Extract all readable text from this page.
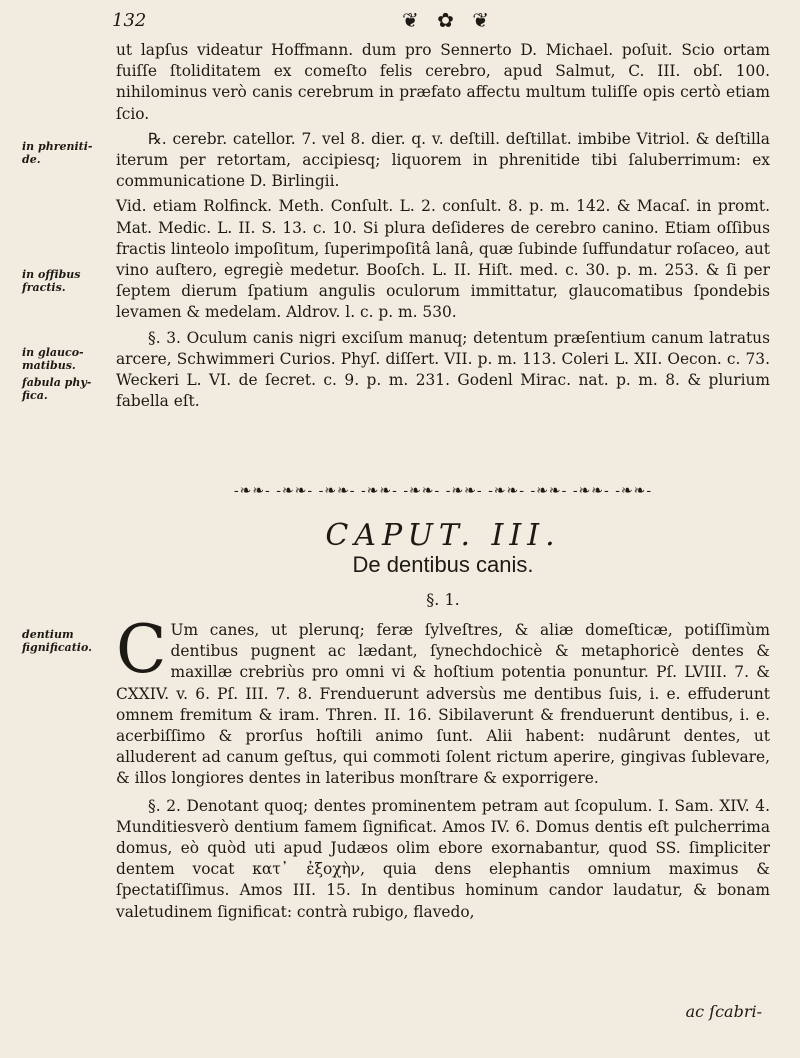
132	❦ ✿ ❦
in phreniti-de.
in offibus fractis.
in glauco-matibus.
fabula phy-fica.
dentium fignificatio.

ut lapſus videatur Hoffmann. dum pro Sennerto D. Michael. poſuit. Scio ortam fuiſſe ſtoliditatem ex comeſto felis cerebro, apud Salmut, C. III. obſ. 100. nihilominus verò canis cerebrum in præfato affectu multum tuliſſe opis certò etiam ſcio.

℞. cerebr. catellor. 7. vel 8. dier. q. v. deſtill. deſtillat. imbibe Vitriol. & deſtilla iterum per retortam, accipiesq; liquorem in phrenitide tibi ſaluberrimum: ex communicatione D. Birlingii.

Vid. etiam Rolfinck. Meth. Conſult. L. 2. conſult. 8. p. m. 142. & Macaſ. in promt. Mat. Medic. L. II. S. 13. c. 10. Si plura deſideres de cerebro canino. Etiam oſſibus fractis linteolo impoſitum, ſuperimpoſitâ lanâ, quæ ſubinde ſuffundatur roſaceo, aut vino auſtero, egregiè medetur. Booſch. L. II. Hiſt. med. c. 30. p. m. 253. & ſi per ſeptem dierum ſpatium angulis oculorum immittatur, glaucomatibus ſpondebis levamen & medelam. Aldrov. l. c. p. m. 530.

§. 3. Oculum canis nigri exciſum manuq; detentum præſentium canum latratus arcere, Schwimmeri Curios. Phyſ. diſſert. VII. p. m. 113. Coleri L. XII. Oecon. c. 73. Weckeri L. VI. de ſecret. c. 9. p. m. 231. Godenl Mirac. nat. p. m. 8. & plurium fabella eſt.

-❧❧- -❧❧- -❧❧- -❧❧- -❧❧- -❧❧- -❧❧- -❧❧- -❧❧- -❧❧-
CAPUT. III.
De dentibus canis.
§. 1.

C Um canes, ut plerunq; feræ ſylveſtres, & aliæ domeſticæ, potiſſimùm dentibus pugnent ac lædant, ſynechdochicè & metaphoricè dentes & maxillæ crebriùs pro omni vi & hoſtium potentia ponuntur. Pſ. LVIII. 7. & CXXIV. v. 6. Pſ. III. 7. 8. Frenduerunt adversùs me dentibus ſuis, i. e. effuderunt omnem fremitum & iram. Thren. II. 16. Sibilaverunt & frenduerunt dentibus, i. e. acerbiſſimo & prorſus hoſtili animo ſunt. Alii habent: nudârunt dentes, ut alluderent ad canum geſtus, qui commoti ſolent rictum aperire, gingivas ſublevare, & illos longiores dentes in lateribus monſtrare & exporrigere.

§. 2. Denotant quoq; dentes prominentem petram aut ſcopulum. I. Sam. XIV. 4. Munditiesverò dentium famem ſignificat. Amos IV. 6. Domus dentis eſt pulcherrima domus, eò quòd uti apud Judæos olim ebore exornabantur, quod SS. ſimpliciter dentem vocat κατ᾽ ἐξοχὴν, quia dens elephantis omnium maximus & ſpectatiſſimus. Amos III. 15. In dentibus hominum candor laudatur, & bonam valetudinem ſignificat: contrà rubigo, flavedo,

ac ſcabri-
